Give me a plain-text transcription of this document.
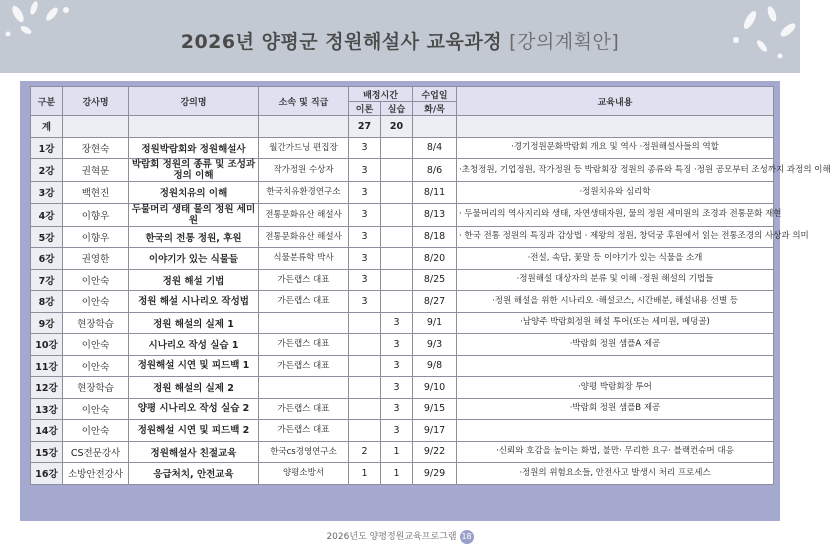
2026년 양평군 정원해설사 교육과정 [강의계획안]
구분	강사명	강의명	소속 및 직급	배정시간		수업일	교육내용
				이론	실습	화/목	
계				27	20		
1강	장현숙	정원박람회와 정원해설사	월간가드닝 편집장	3		8/4	·경기정원문화박람회 개요 및 역사 ·정원해설사들의 역할
2강	권혁문	박람회 정원의 종류 및 조성과정의 이해	작가정원 수상자	3		8/6	·초청정원, 기업정원, 작가정원 등 박람회장 정원의 종류와 특징 ·정원 공모부터 조성까지 과정의 이해
3강	백현진	정원치유의 이해	한국치유환경연구소	3		8/11	·정원치유와 심리학
4강	이향우	두물머리 생태 물의 정원 세미원	전통문화유산 해설사	3		8/13	· 두물머리의 역사지리와 생태, 자연생태자원, 물의 정원 세미원의 조경과 전통문화 재현
5강	이향우	한국의 전통 정원, 후원	전통문화유산 해설사	3		8/18	· 한국 전통 정원의 특징과 감상법 · 제왕의 정원, 창덕궁 후원에서 읽는 전통조경의 사상과 의미
6강	권영한	이야기가 있는 식물들	식물분류학 박사	3		8/20	·전설, 속담, 꽃말 등 이야기가 있는 식물을 소개
7강	이안숙	정원 해설 기법	가든랩스 대표	3		8/25	·정원해설 대상자의 분류 및 이해 ·정원 해설의 기법들
8강	이안숙	정원 해설 시나리오 작성법	가든랩스 대표	3		8/27	·정원 해설을 위한 시나리오 ·해설코스, 시간배분, 해설내용 선별 등
9강	현장학습	정원 해설의 실제 1			3	9/1	·남양주 박람회정원 해설 투어(또는 세미원, 메덩골)
10강	이안숙	시나리오 작성 실습 1	가든랩스 대표		3	9/3	·박람회 정원 샘플A 제공
11강	이안숙	정원해설 시연 및 피드백 1	가든랩스 대표		3	9/8	
12강	현장학습	정원 해설의 실제 2			3	9/10	·양평 박람회장 투어
13강	이안숙	양평 시나리오 작성 실습 2	가든랩스 대표		3	9/15	·박람회 정원 샘플B 제공
14강	이안숙	정원해설 시연 및 피드백 2	가든랩스 대표		3	9/17	
15강	CS전문강사	정원해설사 친절교육	한국cs경영연구소	2	1	9/22	·신뢰와 호감을 높이는 화법, 불만· 무리한 요구· 블랙컨슈머 대응
16강	소방안전강사	응급처치, 안전교육	양평소방서	1	1	9/29	·정원의 위험요소들, 안전사고 발생시 처리 프로세스
2026년도 양평정원교육프로그램 18
